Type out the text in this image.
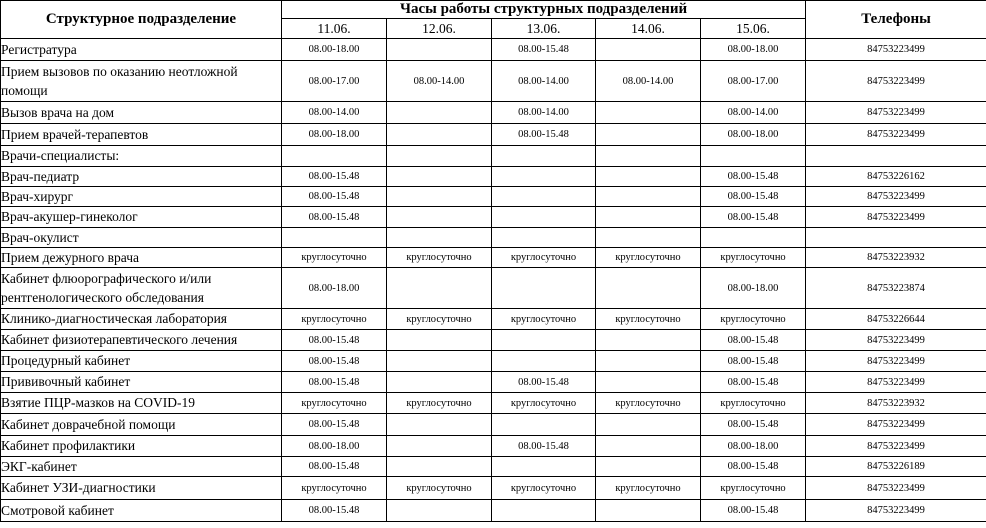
Структурное подразделение	Часы работы структурных подразделений					Телефоны
	11.06.	12.06.	13.06.	14.06.	15.06.	
Регистратура	08.00-18.00		08.00-15.48		08.00-18.00	84753223499
Прием вызовов по оказанию неотложной помощи	08.00-17.00	08.00-14.00	08.00-14.00	08.00-14.00	08.00-17.00	84753223499
Вызов врача на дом	08.00-14.00		08.00-14.00		08.00-14.00	84753223499
Прием врачей-терапевтов	08.00-18.00		08.00-15.48		08.00-18.00	84753223499
Врачи-специалисты:						
Врач-педиатр	08.00-15.48				08.00-15.48	84753226162
Врач-хирург	08.00-15.48				08.00-15.48	84753223499
Врач-акушер-гинеколог	08.00-15.48				08.00-15.48	84753223499
Врач-окулист						
Прием дежурного врача	круглосуточно	круглосуточно	круглосуточно	круглосуточно	круглосуточно	84753223932
Кабинет флюорографического и/или рентгенологического обследования	08.00-18.00				08.00-18.00	84753223874
Клинико-диагностическая лаборатория	круглосуточно	круглосуточно	круглосуточно	круглосуточно	круглосуточно	84753226644
Кабинет физиотерапевтического лечения	08.00-15.48				08.00-15.48	84753223499
Процедурный кабинет	08.00-15.48				08.00-15.48	84753223499
Прививочный кабинет	08.00-15.48		08.00-15.48		08.00-15.48	84753223499
Взятие ПЦР-мазков на COVID-19	круглосуточно	круглосуточно	круглосуточно	круглосуточно	круглосуточно	84753223932
Кабинет доврачебной помощи	08.00-15.48				08.00-15.48	84753223499
Кабинет профилактики	08.00-18.00		08.00-15.48		08.00-18.00	84753223499
ЭКГ-кабинет	08.00-15.48				08.00-15.48	84753226189
Кабинет УЗИ-диагностики	круглосуточно	круглосуточно	круглосуточно	круглосуточно	круглосуточно	84753223499
Смотровой кабинет	08.00-15.48				08.00-15.48	84753223499
